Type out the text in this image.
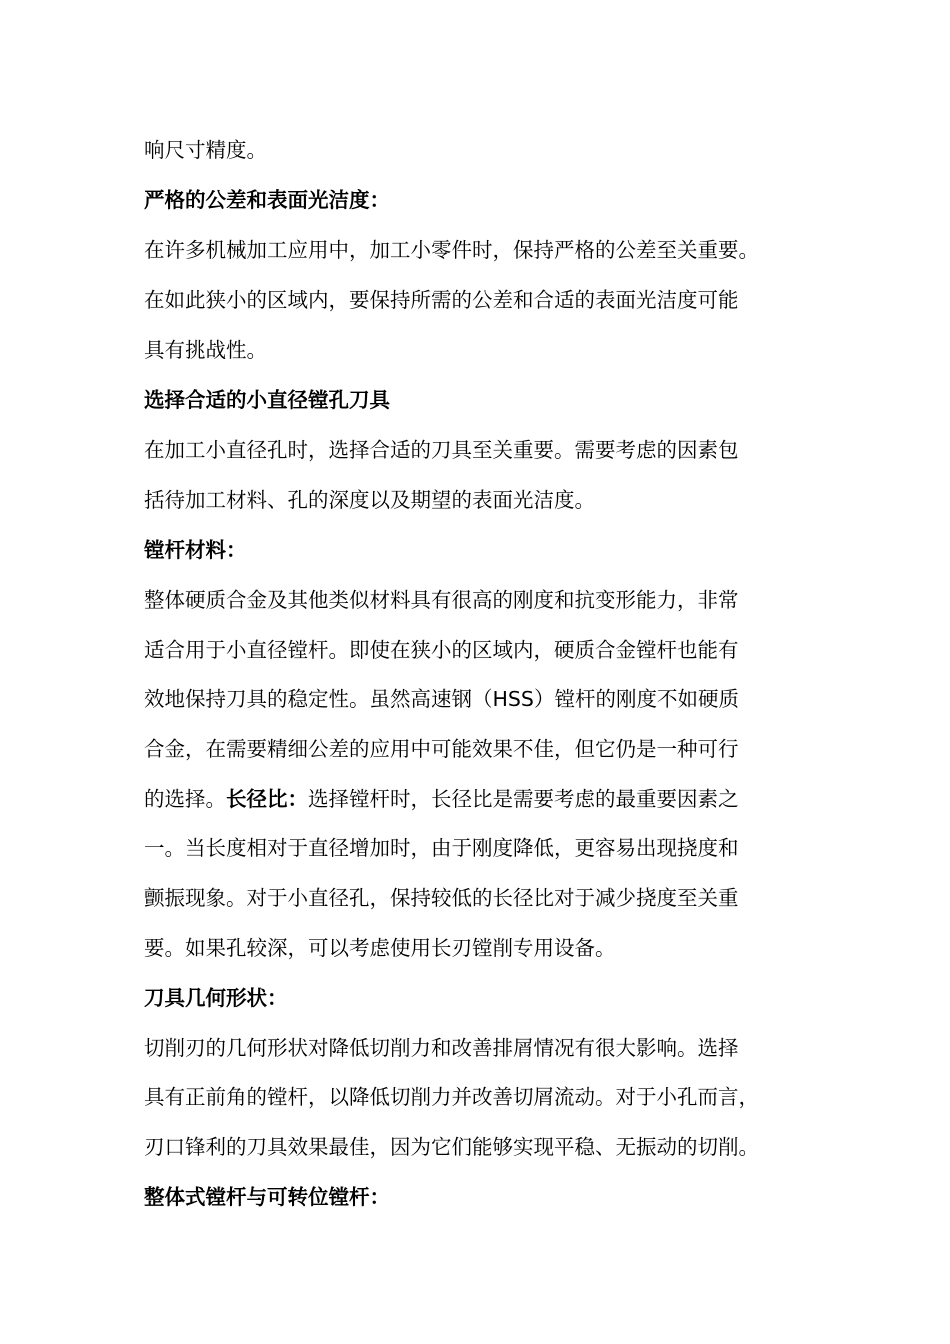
响尺寸精度。
严格的公差和表面光洁度：
在许多机械加工应用中，加工小零件时，保持严格的公差至关重要。
在如此狭小的区域内，要保持所需的公差和合适的表面光洁度可能
具有挑战性。
选择合适的小直径镗孔刀具
在加工小直径孔时，选择合适的刀具至关重要。需要考虑的因素包
括待加工材料、孔的深度以及期望的表面光洁度。
镗杆材料：
整体硬质合金及其他类似材料具有很高的刚度和抗变形能力，非常
适合用于小直径镗杆。即使在狭小的区域内，硬质合金镗杆也能有
效地保持刀具的稳定性。虽然高速钢（HSS）镗杆的刚度不如硬质
合金，在需要精细公差的应用中可能效果不佳，但它仍是一种可行
的选择。长径比：选择镗杆时，长径比是需要考虑的最重要因素之
一。当长度相对于直径增加时，由于刚度降低，更容易出现挠度和
颤振现象。对于小直径孔，保持较低的长径比对于减少挠度至关重
要。如果孔较深，可以考虑使用长刃镗削专用设备。
刀具几何形状：
切削刃的几何形状对降低切削力和改善排屑情况有很大影响。选择
具有正前角的镗杆，以降低切削力并改善切屑流动。对于小孔而言，
刃口锋利的刀具效果最佳，因为它们能够实现平稳、无振动的切削。
整体式镗杆与可转位镗杆：
